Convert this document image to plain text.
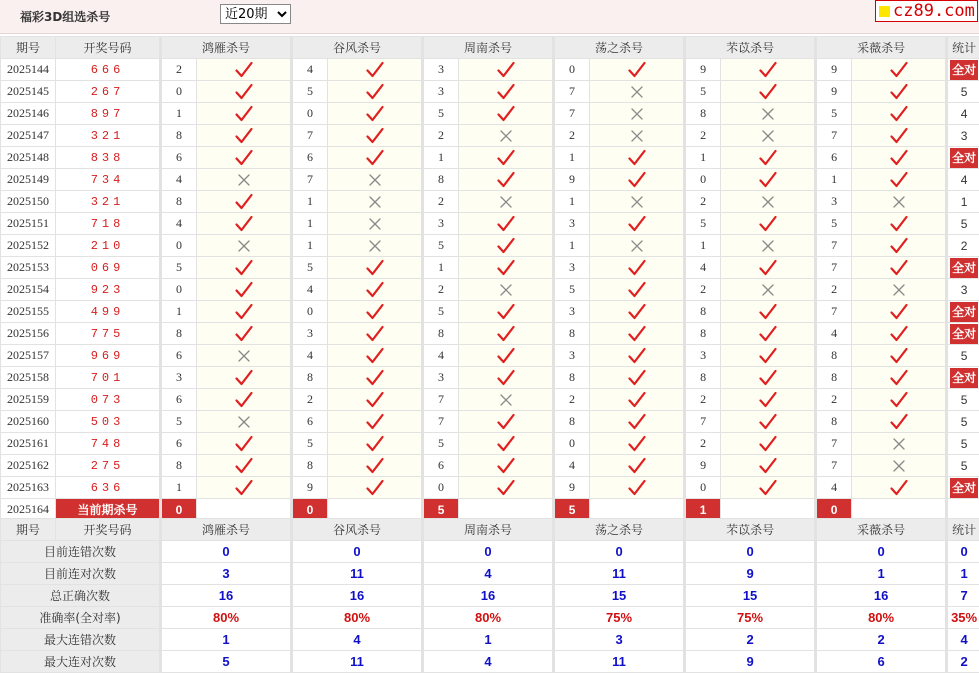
福彩3D组选杀号
近20期	cz89.com
期号	开奖号码	鸿雁杀号		谷风杀号		周南杀号		荡之杀号		芣苡杀号		采薇杀号		统计
2025144	666	2		4		3		0		9		9		全对
2025145	267	0		5		3		7		5		9		5
2025146	897	1		0		5		7		8		5		4
2025147	321	8		7		2		2		2		7		3
2025148	838	6		6		1		1		1		6		全对
2025149	734	4		7		8		9		0		1		4
2025150	321	8		1		2		1		2		3		1
2025151	718	4		1		3		3		5		5		5
2025152	210	0		1		5		1		1		7		2
2025153	069	5		5		1		3		4		7		全对
2025154	923	0		4		2		5		2		2		3
2025155	499	1		0		5		3		8		7		全对
2025156	775	8		3		8		8		8		4		全对
2025157	969	6		4		4		3		3		8		5
2025158	701	3		8		3		8		8		8		全对
2025159	073	6		2		7		2		2		2		5
2025160	503	5		6		7		8		7		8		5
2025161	748	6		5		5		0		2		7		5
2025162	275	8		8		6		4		9		7		5
2025163	636	1		9		0		9		0		4		全对
2025164	当前期杀号	0		0		5		5		1		0		
期号	开奖号码	鸿雁杀号	谷风杀号	周南杀号	荡之杀号	芣苡杀号	采薇杀号	统计
目前连错次数		0	0	0	0	0	0	0
目前连对次数		3	11	4	11	9	1	1
总正确次数		16	16	16	15	15	16	7
准确率(全对率)		80%	80%	80%	75%	75%	80%	35%
最大连错次数		1	4	1	3	2	2	4
最大连对次数		5	11	4	11	9	6	2
